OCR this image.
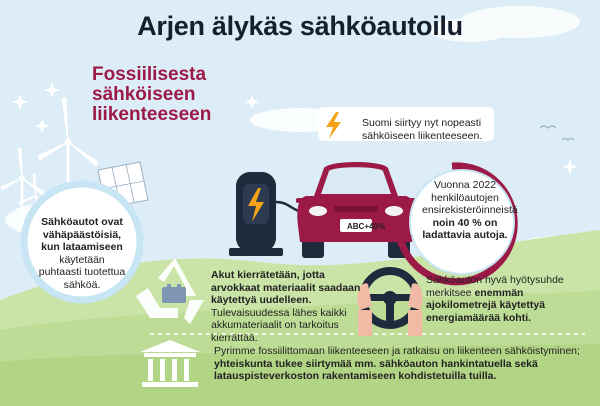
Arjen älykäs sähköautoilu
Fossiilisesta
sähköiseen
liikenteeseen	Suomi siirtyy nyt nopeasti
sähköiseen liikenteeseen.
ABC+40%
Vuonna 2022 henkilöautojen ensirekisteröinneistä noin 40 % on ladattavia autoja.
Sähköautot ovat vähäpäästöisiä, kun lataamiseen käytetään puhtaasti tuotettua sähköä.
Akut kierrätetään, jotta arvokkaat materiaalit saadaan käytettyä uudelleen. Tulevaisuudessa lähes kaikki akkumateriaalit on tarkoitus kierrättää.
Sähköauton hyvä hyötysuhde merkitsee enemmän ajokilometrejä käytettyä energiamäärää kohti.
Pyrimme fossiilittomaan liikenteeseen ja ratkaisu on liikenteen sähköistyminen; yhteiskunta tukee siirtymää mm. sähköauton hankintatuella sekä latauspisteverkoston rakentamiseen kohdistetuilla tuilla.
